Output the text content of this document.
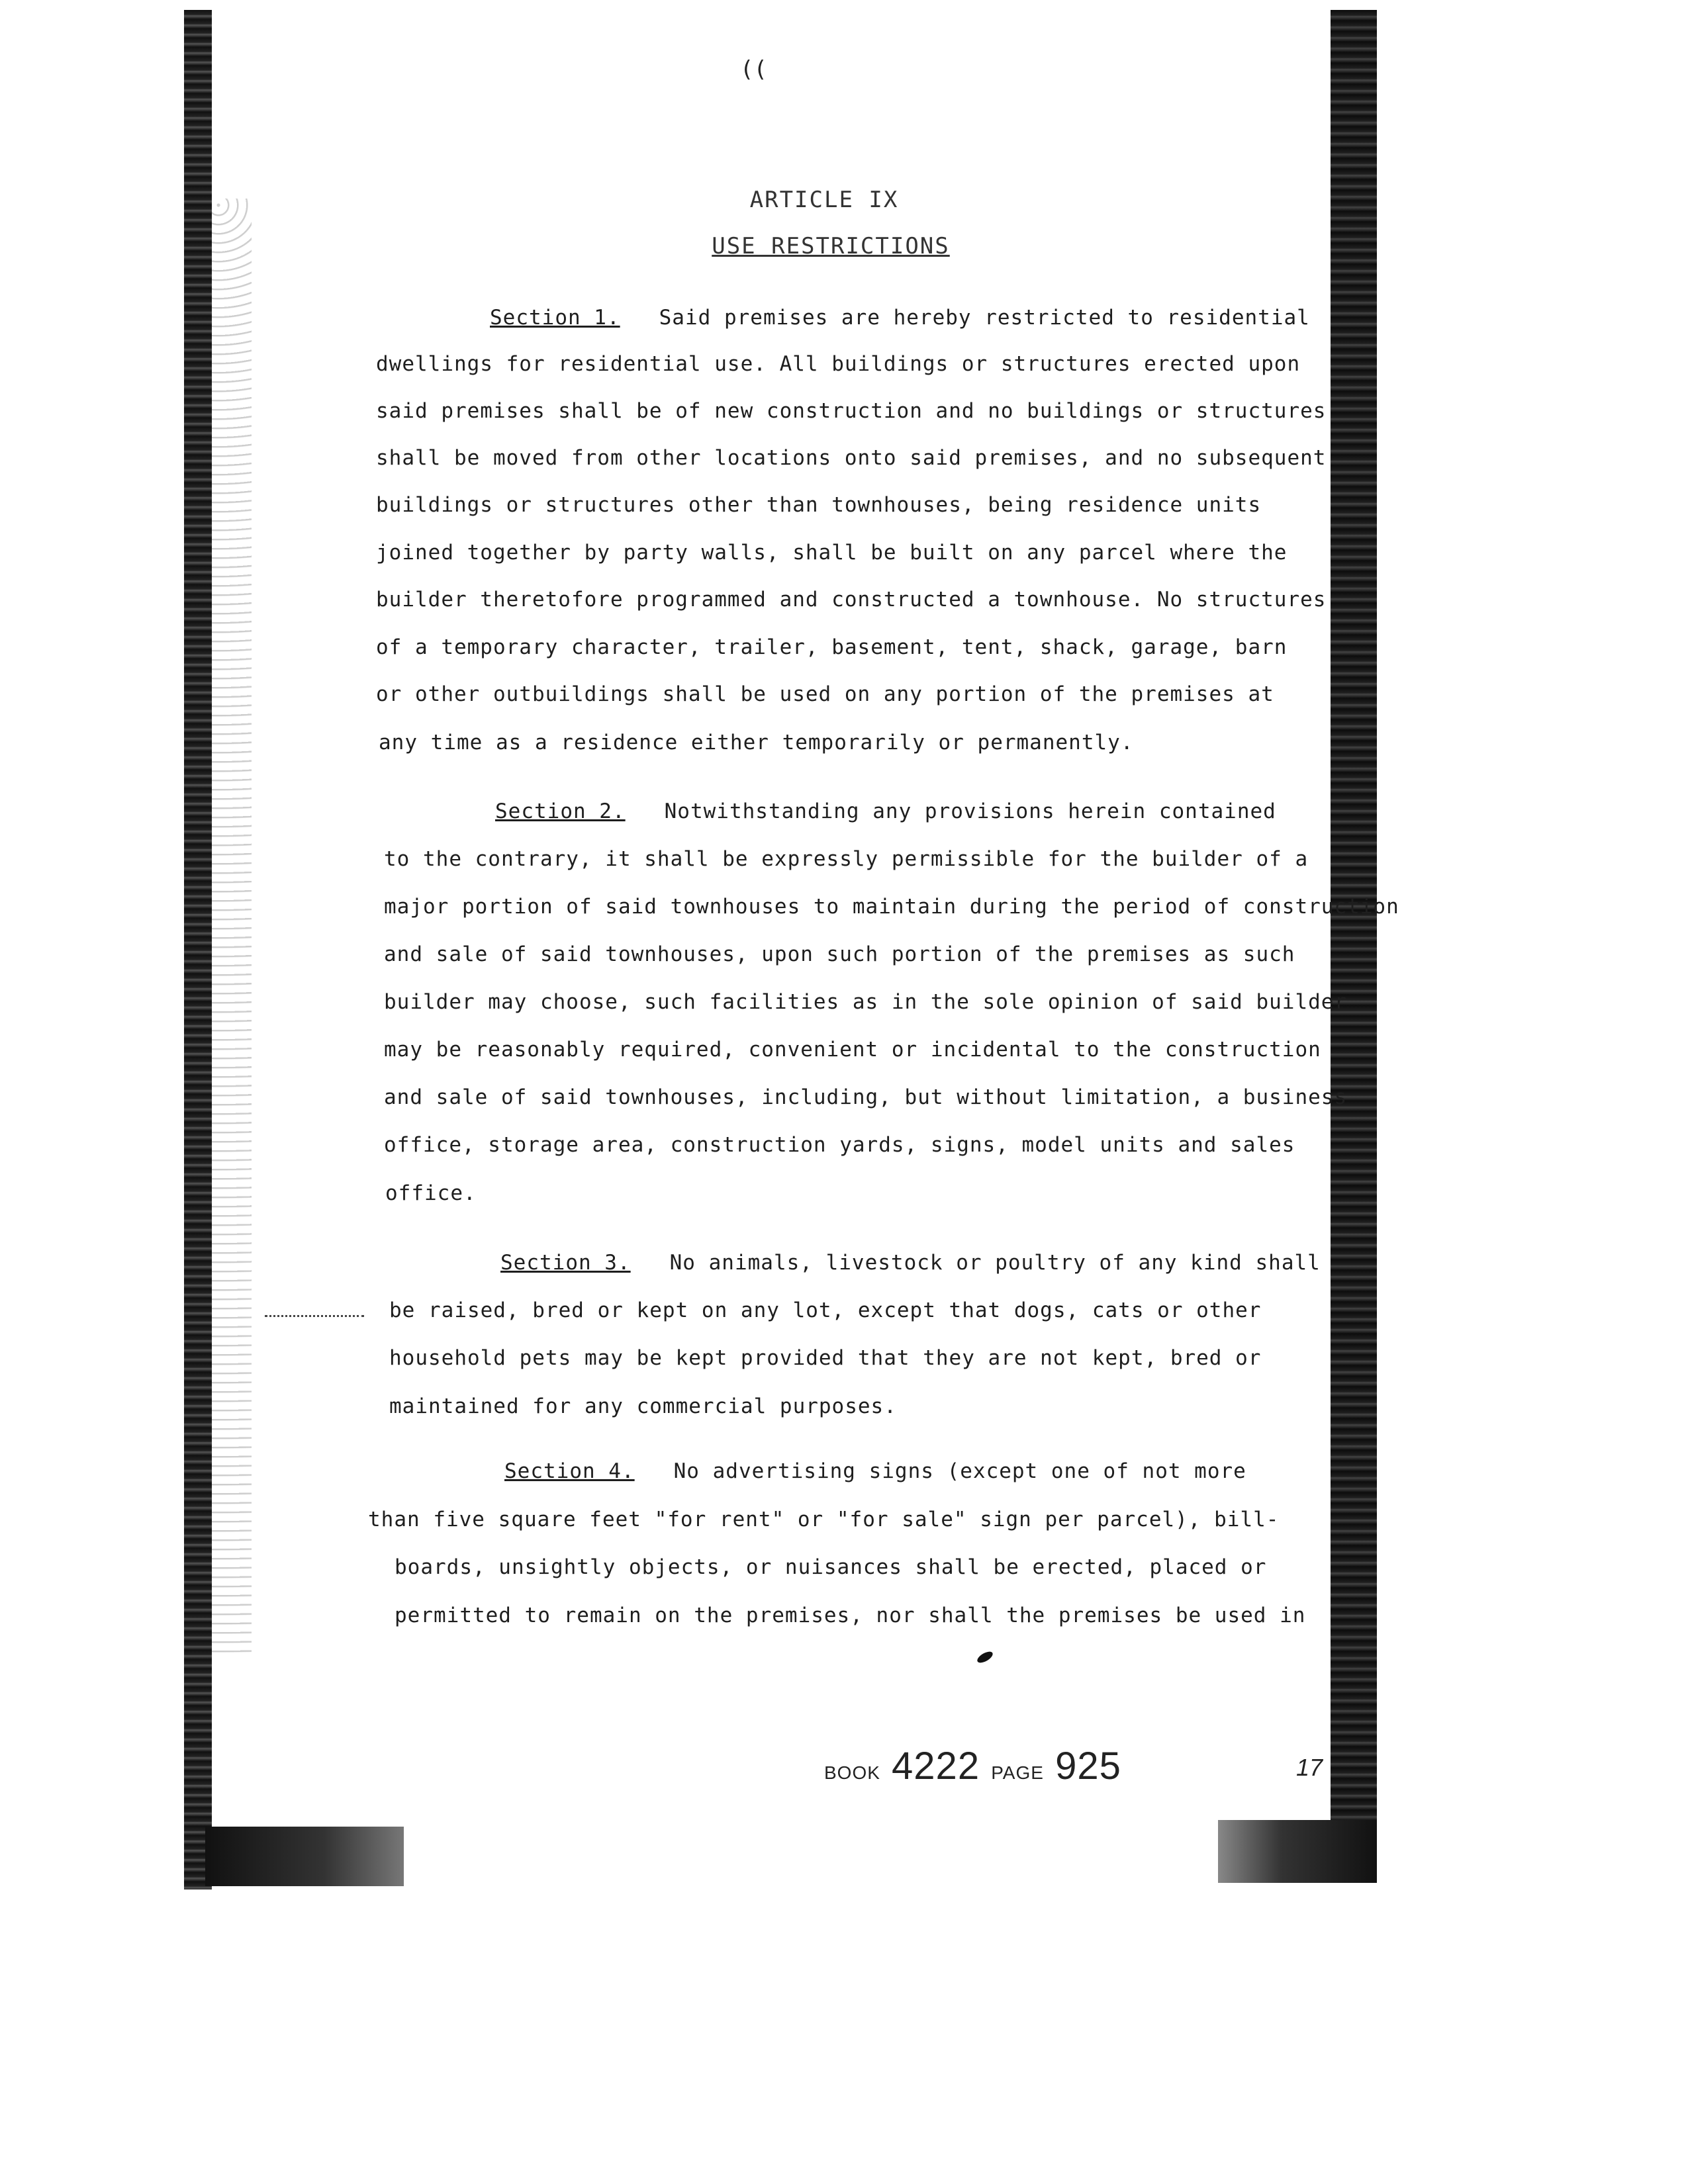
((
ARTICLE IX
USE RESTRICTIONS
Section 1. Said premises are hereby restricted to residential
dwellings for residential use. All buildings or structures erected upon
said premises shall be of new construction and no buildings or structures
shall be moved from other locations onto said premises, and no subsequent
buildings or structures other than townhouses, being residence units
joined together by party walls, shall be built on any parcel where the
builder theretofore programmed and constructed a townhouse. No structures
of a temporary character, trailer, basement, tent, shack, garage, barn
or other outbuildings shall be used on any portion of the premises at
any time as a residence either temporarily or permanently.
Section 2. Notwithstanding any provisions herein contained
to the contrary, it shall be expressly permissible for the builder of a
major portion of said townhouses to maintain during the period of construction
and sale of said townhouses, upon such portion of the premises as such
builder may choose, such facilities as in the sole opinion of said builder
may be reasonably required, convenient or incidental to the construction
and sale of said townhouses, including, but without limitation, a business
office, storage area, construction yards, signs, model units and sales
office.
Section 3. No animals, livestock or poultry of any kind shall
be raised, bred or kept on any lot, except that dogs, cats or other
household pets may be kept provided that they are not kept, bred or
maintained for any commercial purposes.
Section 4. No advertising signs (except one of not more
than five square feet "for rent" or "for sale" sign per parcel), bill-
boards, unsightly objects, or nuisances shall be erected, placed or
permitted to remain on the premises, nor shall the premises be used in
BOOK 4222 PAGE 925	17
